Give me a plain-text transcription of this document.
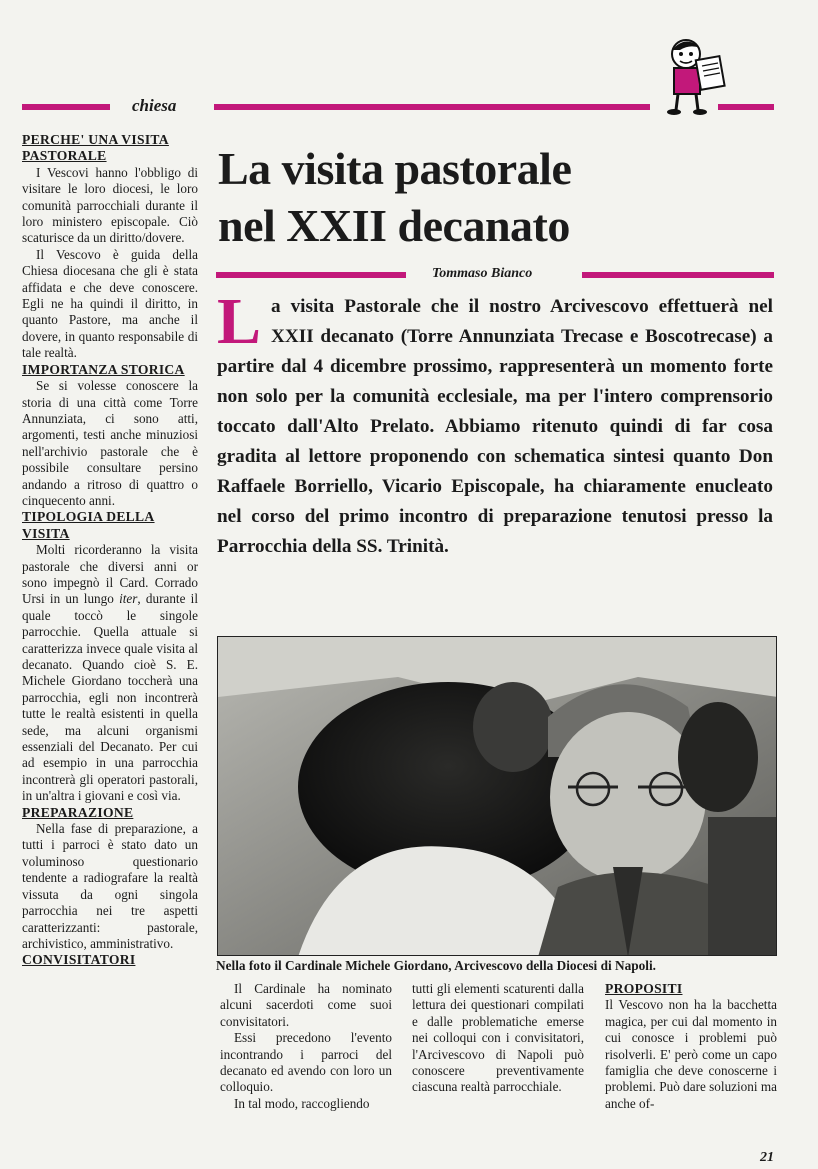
chiesa
PERCHE' UNA VISITA PASTORALE

I Vescovi hanno l'obbligo di visitare le loro diocesi, le loro comunità parrocchiali durante il loro ministero episcopale. Ciò scaturisce da un diritto/dovere.

Il Vescovo è guida della Chiesa diocesana che gli è stata affidata e che deve conoscere. Egli ne ha quindi il diritto, in quanto Pastore, ma anche il dovere, in quanto responsabile di tale realtà.

IMPORTANZA STORICA

Se si volesse conoscere la storia di una città come Torre Annunziata, ci sono atti, argomenti, testi anche minuziosi nell'archivio pastorale che è possibile consultare persino andando a ritroso di quattro o cinquecento anni.

TIPOLOGIA DELLA VISITA

Molti ricorderanno la visita pastorale che diversi anni or sono impegnò il Card. Corrado Ursi in un lungo iter, durante il quale toccò le singole parrocchie. Quella attuale si caratterizza invece quale visita al decanato. Quando cioè S. E. Michele Giordano toccherà una parrocchia, egli non incontrerà tutte le realtà esistenti in quella sede, ma alcuni organismi essenziali del Decanato. Per cui ad esempio in una parrocchia incontrerà gli operatori pastorali, in un'altra i giovani e così via.

PREPARAZIONE

Nella fase di preparazione, a tutti i parroci è stato dato un voluminoso questionario tendente a radiografare la realtà vissuta da ogni singola parrocchia nei tre aspetti caratterizzanti: pastorale, archivistico, amministrativo.

CONVISITATORI
La visita pastorale
nel XXII decanato
Tommaso Bianco
La visita Pastorale che il nostro Arcivescovo effettuerà nel XXII decanato (Torre Annunziata Trecase e Boscotrecase) a partire dal 4 dicembre prossimo, rappresenterà un momento forte non solo per la comunità ecclesiale, ma per l'intero comprensorio toccato dall'Alto Prelato. Abbiamo ritenuto quindi di far cosa gradita al lettore proponendo con schematica sintesi quanto Don Raffaele Borriello, Vicario Episcopale, ha chiaramente enucleato nel corso del primo incontro di preparazione tenutosi presso la Parrocchia della SS. Trinità.
Nella foto il Cardinale Michele Giordano, Arcivescovo della Diocesi di Napoli.

Il Cardinale ha nominato alcuni sacerdoti come suoi convisitatori.

Essi precedono l'evento incontrando i parroci del decanato ed avendo con loro un colloquio.

In tal modo, raccogliendo

tutti gli elementi scaturenti dalla lettura dei questionari compilati e dalle problematiche emerse nei colloqui con i convisitatori, l'Arcivescovo di Napoli può conoscere preventivamente ciascuna realtà parrocchiale.

PROPOSITI

Il Vescovo non ha la bacchetta magica, per cui dal momento in cui conosce i problemi può risolverli. E' però come un capo famiglia che deve conoscerne i problemi. Può dare soluzioni ma anche of-

21
